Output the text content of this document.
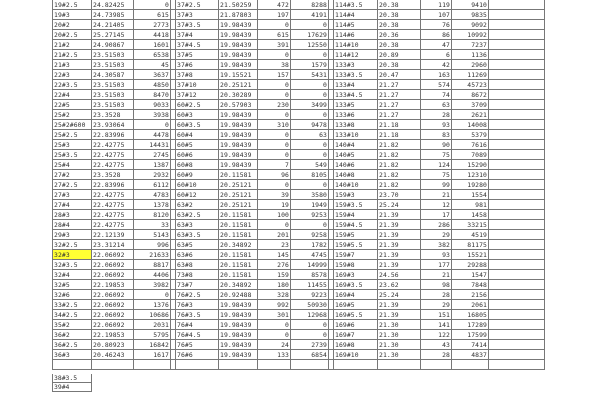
19#2.5	24.82425	0	37#2.5	21.50259	472	8288	114#3.5	20.38	119	9410
19#3	24.73985	615	37#3	21.87803	197	4191	114#4	20.38	107	9835
20#2	24.21405	2773	37#3.5	19.98439	0	0	114#5	20.38	76	9092
20#2.5	25.27145	4418	37#4	19.98439	615	17629	114#6	20.36	86	10992
21#2	24.90867	1601	37#4.5	19.98439	391	12550	114#10	20.38	47	7237
21#2.5	23.51503	6538	37#5	19.98439	0	0	114#12	20.89	6	1136
21#3	23.51503	45	37#6	19.98439	38	1579	133#3	20.38	42	2960
22#3	24.30587	3637	37#8	19.15521	157	5431	133#3.5	20.47	163	11269
22#3.5	23.51503	4850	37#10	20.25121	0	0	133#4	21.27	574	45723
22#4	23.51503	8470	37#12	20.30289	0	0	133#4.5	21.27	74	8672
22#5	23.51503	9033	60#2.5	20.57903	230	3499	133#5	21.27	63	3709
25#2	23.3528	3938	60#3	19.98439	0	0	133#6	21.27	28	2621
25#2#600	23.93064	0	60#3.5	19.98439	310	9478	133#8	21.18	93	14008
25#2.5	22.83996	4478	60#4	19.98439	0	63	133#10	21.18	83	5379
25#3	22.42775	14431	60#5	19.98439	0	0	140#4	21.82	90	7616
25#3.5	22.42775	2745	60#6	19.98439	0	0	140#5	21.82	75	7089
25#4	22.42775	1387	60#8	19.98439	7	549	140#6	21.82	124	15290
27#2	23.3528	2932	60#9	20.11581	96	8105	140#8	21.82	75	12310
27#2.5	22.83996	6112	60#10	20.25121	0	0	140#10	21.82	99	19280
27#3	22.42775	4783	60#12	20.25121	39	3580	159#3	23.70	21	1554
27#4	22.42775	1378	63#2	20.25121	19	1949	159#3.5	25.24	12	981
28#3	22.42775	8120	63#2.5	20.11581	100	9253	159#4	21.39	17	1458
28#4	22.42775	33	63#3	20.11581	0	0	159#4.5	21.39	286	33215
29#3	22.12139	5143	63#3.5	20.11581	201	9258	159#5	21.39	29	4519
32#2.5	23.31214	996	63#5	20.34892	23	1782	159#5.5	21.39	382	81175
32#3	22.06092	21633	63#6	20.11581	145	4745	159#7	21.39	93	15521
32#3.5	22.06092	8817	63#8	20.11581	276	14999	159#8	21.39	177	29288
32#4	22.06092	4406	73#8	20.11581	159	8578	169#3	24.56	21	1547
32#5	22.19853	3982	73#7	20.34892	180	11455	169#3.5	23.62	98	7848
32#6	22.06092	0	76#2.5	20.92488	328	9223	169#4	25.24	28	2156
33#2.5	22.06092	1376	76#3	19.98439	992	50930	169#5	21.39	29	2061
34#2.5	22.06092	10686	76#3.5	19.98439	301	12968	169#5.5	21.39	151	16805
35#2	22.06092	2031	76#4	19.98439	0	0	169#6	21.30	141	17289
36#2	22.19853	5795	76#4.5	19.98439	0	0	169#7	21.30	122	17599
36#2.5	20.80923	16842	76#5	19.98439	24	2739	169#8	21.30	43	7414
36#3	20.46243	1617	76#6	19.98439	133	6854	169#10	21.30	28	4837
38#3.5
39#4
